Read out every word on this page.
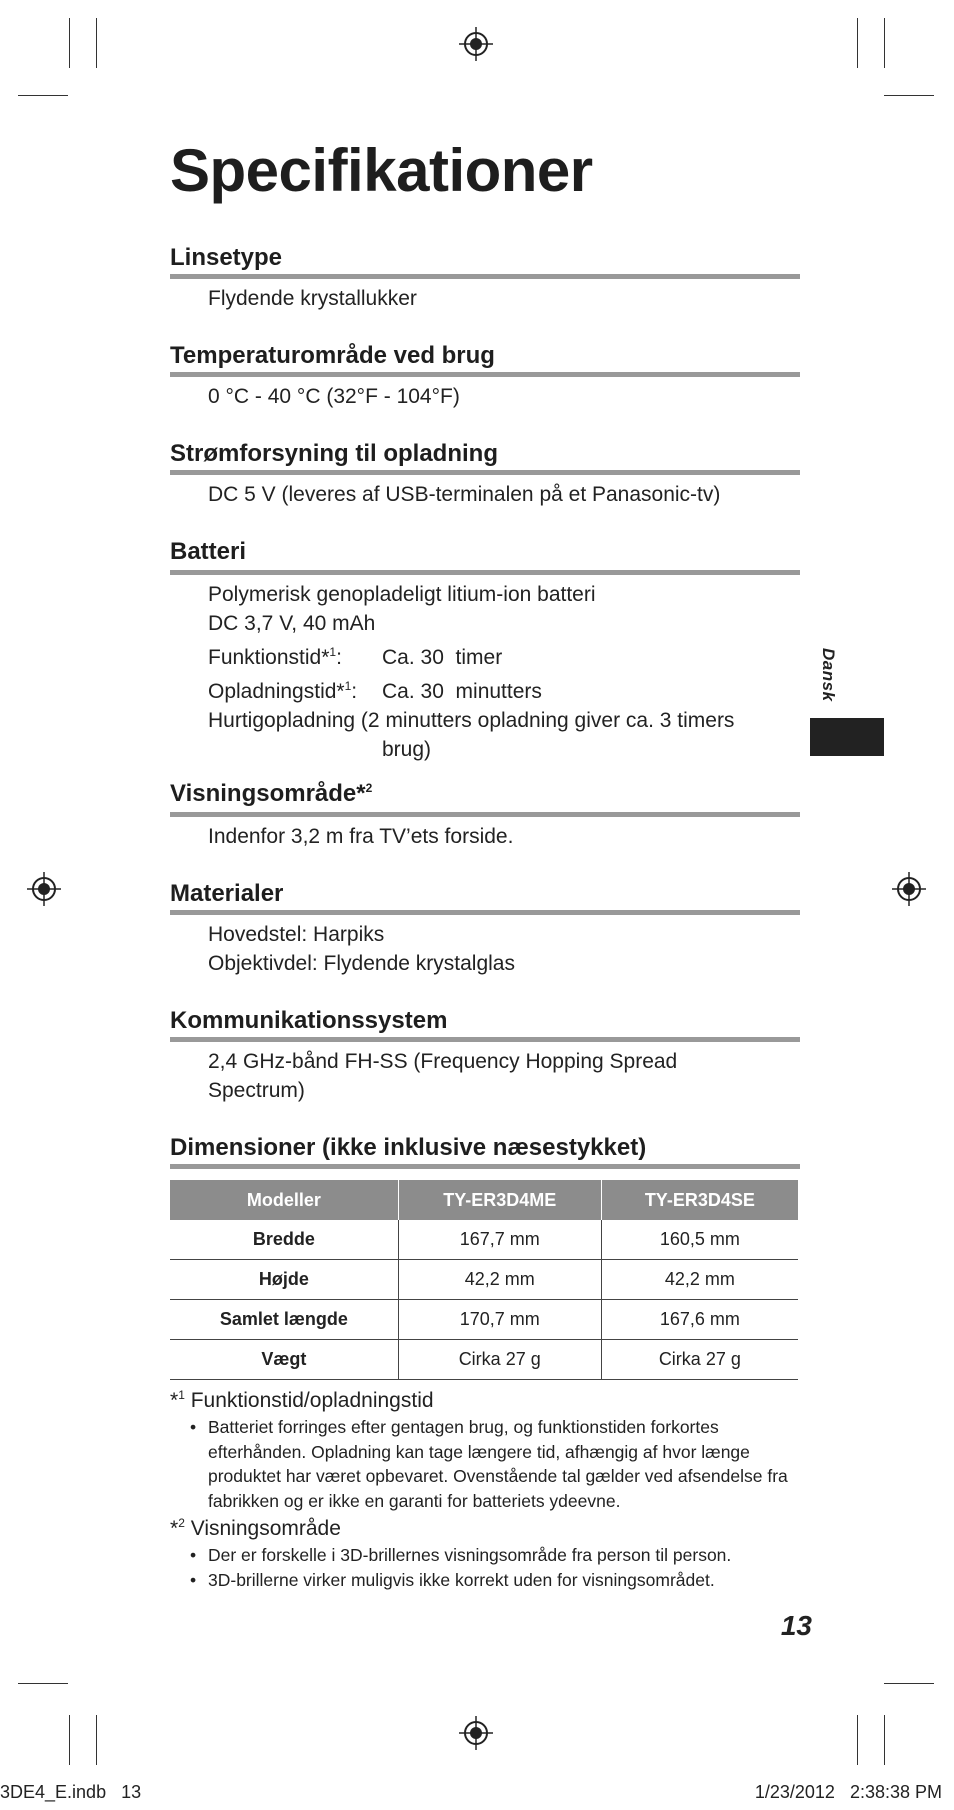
Specifikationer
Dansk
Linsetype
Flydende krystallukker
Temperaturområde ved brug
0 °C - 40 °C (32°F - 104°F)
Strømforsyning til opladning
DC 5 V (leveres af USB-terminalen på et Panasonic-tv)
Batteri
Polymerisk genopladeligt litium-ion batteri
DC 3,7 V, 40 mAh
Funktionstid*$^1$: Ca. 30  timer
Opladningstid*$^1$: Ca. 30  minutters
Hurtigopladning (2 minutters opladning giver ca. 3 timers
brug)
Visningsområde*$^2$
Indenfor 3,2 m fra TV’ets forside.
Materialer
Hovedstel: Harpiks
Objektivdel: Flydende krystalglas
Kommunikationssystem
2,4 GHz-bånd FH-SS (Frequency Hopping Spread
Spectrum)
Dimensioner (ikke inklusive næsestykket)
Modeller	TY-ER3D4ME	TY-ER3D4SE
Bredde	167,7 mm	160,5 mm
Højde	42,2 mm	42,2 mm
Samlet længde	170,7 mm	167,6 mm
Vægt	Cirka 27 g	Cirka 27 g
*$^1$ Funktionstid/opladningstid
• Batteriet forringes efter gentagen brug, og funktionstiden forkortes efterhånden. Opladning kan tage længere tid, afhængig af hvor længe produktet har været opbevaret. Ovenstående tal gælder ved afsendelse fra fabrikken og er ikke en garanti for batteriets ydeevne.
*$^2$ Visningsområde
• Der er forskelle i 3D-brillernes visningsområde fra person til person.
• 3D-brillerne virker muligvis ikke korrekt uden for visningsområdet.
13
3DE4_E.indb   13	1/23/2012   2:38:38 PM
